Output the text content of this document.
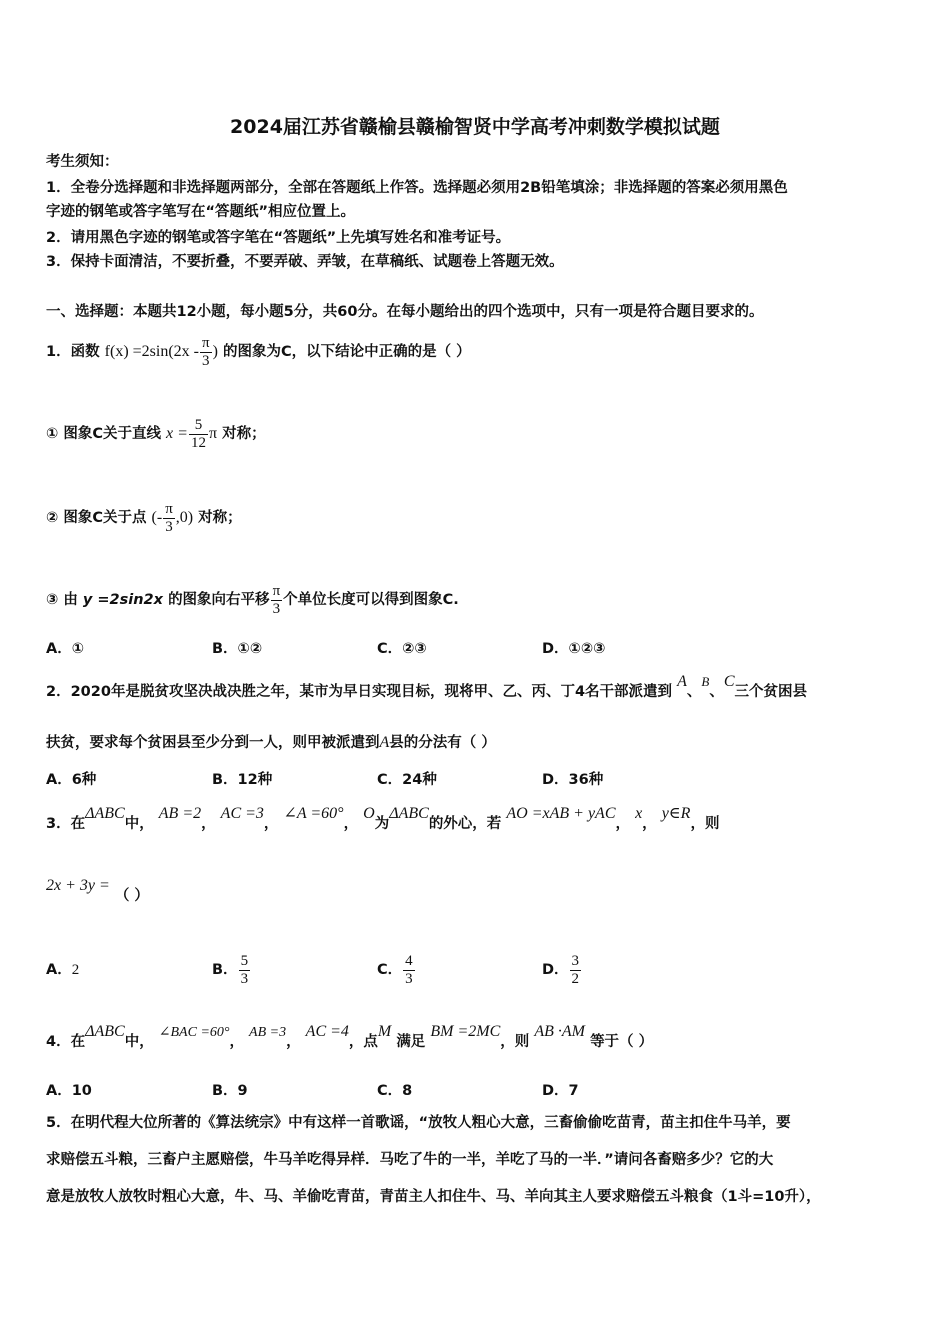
2024届江苏省赣榆县赣榆智贤中学高考冲刺数学模拟试题
考生须知：
1．全卷分选择题和非选择题两部分，全部在答题纸上作答。选择题必须用2B铅笔填涂；非选择题的答案必须用黑色
字迹的钢笔或答字笔写在“答题纸”相应位置上。
2．请用黑色字迹的钢笔或答字笔在“答题纸”上先填写姓名和准考证号。
3．保持卡面清洁，不要折叠，不要弄破、弄皱，在草稿纸、试题卷上答题无效。
一、选择题：本题共12小题，每小题5分，共60分。在每小题给出的四个选项中，只有一项是符合题目要求的。
1．函数 $f(x) =2\sin(2x - \frac{\pi}{3}$ ) 的图象为C，以下结论中正确的是（ ）
① 图象C关于直线 $x = \frac{5}{12}$ π 对称；
② 图象C关于点 (- $\frac{\pi}{3} ,0$) 对称；
③ 由 y =2sin2x 的图象向右平移 $\frac{\pi}{3}$ 个单位长度可以得到图象C.
A．①	B．①②	C．②③	D．①②③
2．2020年是脱贫攻坚决战决胜之年，某市为早日实现目标，现将甲、乙、丙、丁4名干部派遣到 A、B、C三个贫困县
扶贫，要求每个贫困县至少分到一人，则甲被派遣到A县的分法有（ ）
A．6种	B．12种	C．24种	D．36种
3．在ΔABC中， AB =2， AC =3， ∠A =60°， O为ΔABC的外心，若 AO =xAB + yAC， x， y∈R，则
2x + 3y = （ ）
A．2	B． $\frac{5}{3}$	C． $\frac{4}{3}$	D． $\frac{3}{2}$
4．在ΔABC中， ∠BAC =60°， AB =3， AC =4，点M 满足 BM =2MC，则 AB ·AM 等于（ ）
A．10	B．9	C．8	D．7
5．在明代程大位所著的《算法统宗》中有这样一首歌谣，“放牧人粗心大意，三畜偷偷吃苗青，苗主扣住牛马羊，要
求赔偿五斗粮，三畜户主愿赔偿，牛马羊吃得异样．马吃了牛的一半，羊吃了马的一半．”请问各畜赔多少？它的大
意是放牧人放牧时粗心大意，牛、马、羊偷吃青苗，青苗主人扣住牛、马、羊向其主人要求赔偿五斗粮食（1斗=10升），
